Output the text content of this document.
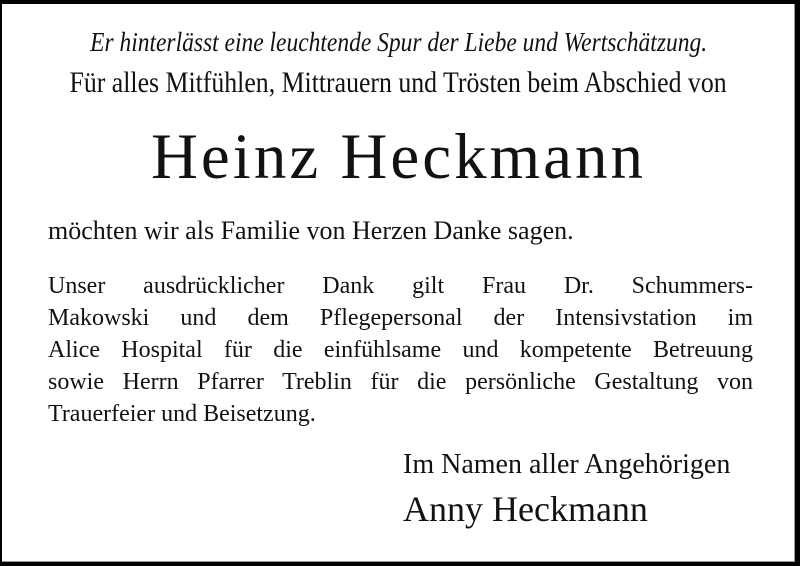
Er hinterlässt eine leuchtende Spur der Liebe und Wertschätzung.
Für alles Mitfühlen, Mittrauern und Trösten beim Abschied von
Heinz Heckmann
möchten wir als Familie von Herzen Danke sagen.
Unser ausdrücklicher Dank gilt Frau Dr. Schummers-
Makowski und dem Pflegepersonal der Intensivstation im
Alice Hospital für die einfühlsame und kompetente Betreuung
sowie Herrn Pfarrer Treblin für die persönliche Gestaltung von
Trauerfeier und Beisetzung.
Im Namen aller Angehörigen
Anny Heckmann
